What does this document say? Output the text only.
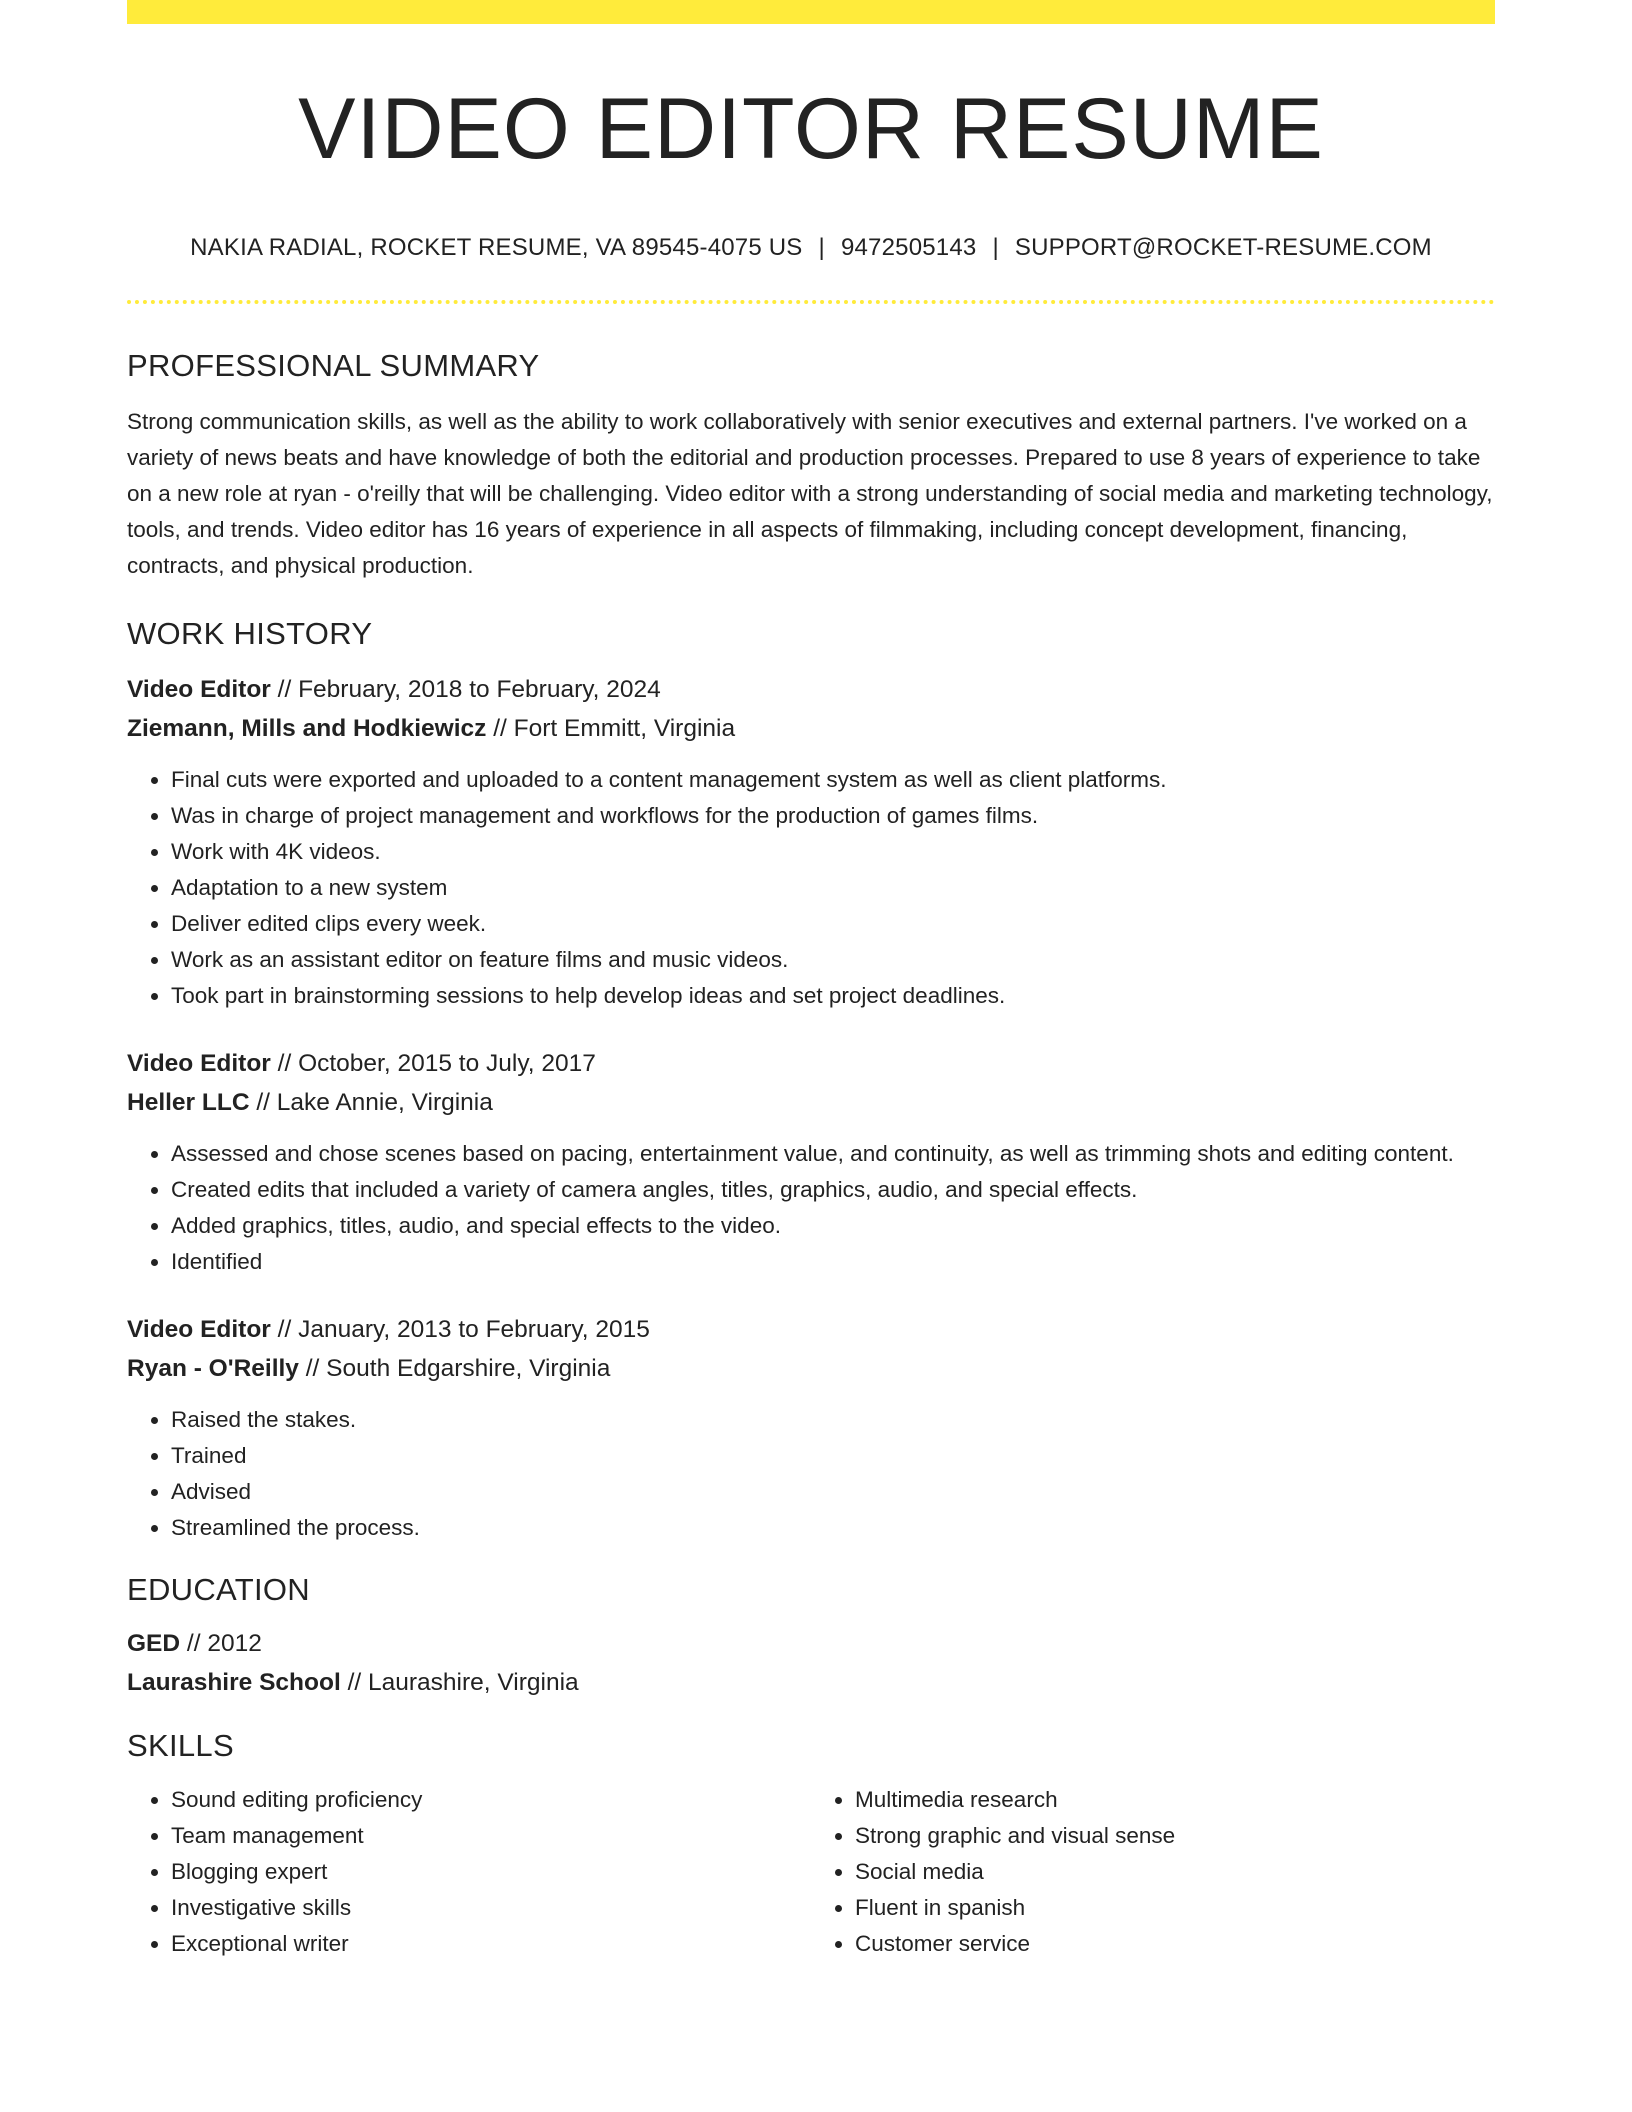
VIDEO EDITOR RESUME
NAKIA RADIAL, ROCKET RESUME, VA 89545-4075 US | 9472505143 | SUPPORT@ROCKET-RESUME.COM
PROFESSIONAL SUMMARY

Strong communication skills, as well as the ability to work collaboratively with senior executives and external partners. I've worked on a variety of news beats and have knowledge of both the editorial and production processes. Prepared to use 8 years of experience to take on a new role at ryan - o'reilly that will be challenging. Video editor with a strong understanding of social media and marketing technology, tools, and trends. Video editor has 16 years of experience in all aspects of filmmaking, including concept development, financing, contracts, and physical production.

WORK HISTORY

Video Editor // February, 2018 to February, 2024

Ziemann, Mills and Hodkiewicz // Fort Emmitt, Virginia

• Final cuts were exported and uploaded to a content management system as well as client platforms.
• Was in charge of project management and workflows for the production of games films.
• Work with 4K videos.
• Adaptation to a new system
• Deliver edited clips every week.
• Work as an assistant editor on feature films and music videos.
• Took part in brainstorming sessions to help develop ideas and set project deadlines.

Video Editor // October, 2015 to July, 2017

Heller LLC // Lake Annie, Virginia

• Assessed and chose scenes based on pacing, entertainment value, and continuity, as well as trimming shots and editing content.
• Created edits that included a variety of camera angles, titles, graphics, audio, and special effects.
• Added graphics, titles, audio, and special effects to the video.
• Identified

Video Editor // January, 2013 to February, 2015

Ryan - O'Reilly // South Edgarshire, Virginia

• Raised the stakes.
• Trained
• Advised
• Streamlined the process.
EDUCATION

GED // 2012

Laurashire School // Laurashire, Virginia

SKILLS
• Sound editing proficiency
• Team management
• Blogging expert
• Investigative skills
• Exceptional writer
• Multimedia research
• Strong graphic and visual sense
• Social media
• Fluent in spanish
• Customer service
